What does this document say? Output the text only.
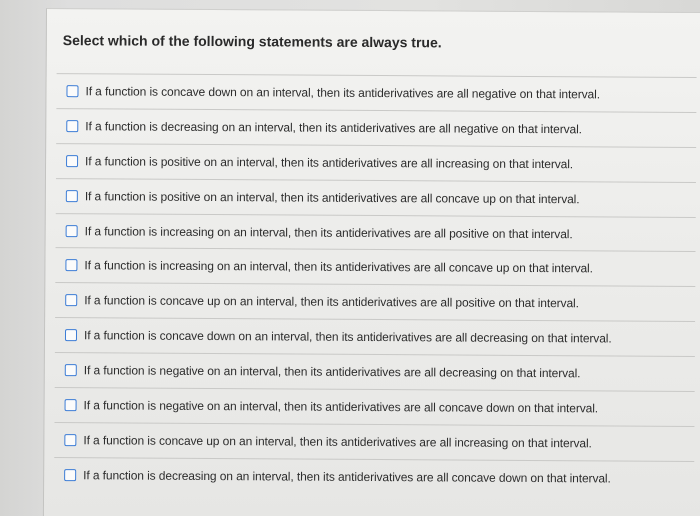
Select which of the following statements are always true.
If a function is concave down on an interval, then its antiderivatives are all negative on that interval.
If a function is decreasing on an interval, then its antiderivatives are all negative on that interval.
If a function is positive on an interval, then its antiderivatives are all increasing on that interval.
If a function is positive on an interval, then its antiderivatives are all concave up on that interval.
If a function is increasing on an interval, then its antiderivatives are all positive on that interval.
If a function is increasing on an interval, then its antiderivatives are all concave up on that interval.
If a function is concave up on an interval, then its antiderivatives are all positive on that interval.
If a function is concave down on an interval, then its antiderivatives are all decreasing on that interval.
If a function is negative on an interval, then its antiderivatives are all decreasing on that interval.
If a function is negative on an interval, then its antiderivatives are all concave down on that interval.
If a function is concave up on an interval, then its antiderivatives are all increasing on that interval.
If a function is decreasing on an interval, then its antiderivatives are all concave down on that interval.
